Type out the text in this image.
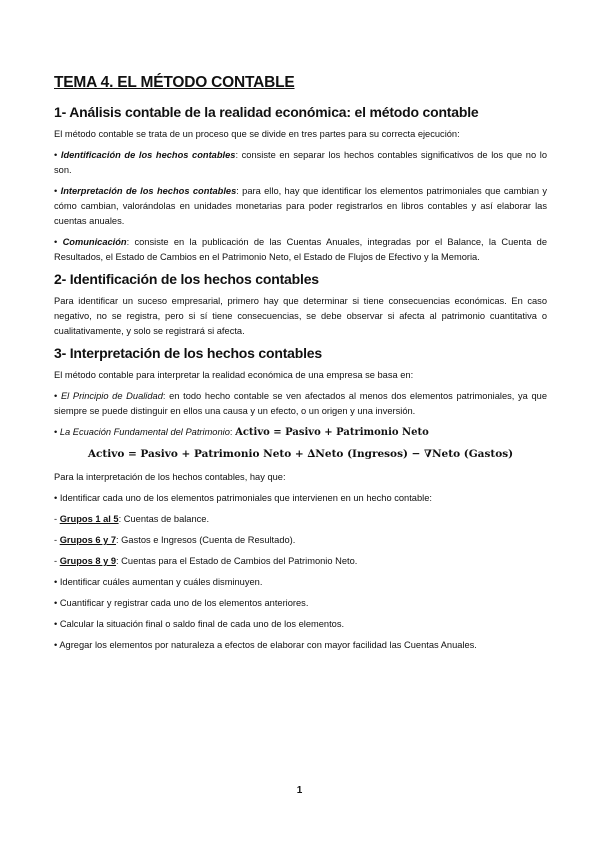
TEMA 4. EL MÉTODO CONTABLE
1- Análisis contable de la realidad económica: el método contable

El método contable se trata de un proceso que se divide en tres partes para su correcta ejecución:

• Identificación de los hechos contables: consiste en separar los hechos contables significativos de los que no lo son.

• Interpretación de los hechos contables: para ello, hay que identificar los elementos patrimoniales que cambian y cómo cambian, valorándolas en unidades monetarias para poder registrarlos en libros contables y así elaborar las cuentas anuales.

• Comunicación: consiste en la publicación de las Cuentas Anuales, integradas por el Balance, la Cuenta de Resultados, el Estado de Cambios en el Patrimonio Neto, el Estado de Flujos de Efectivo y la Memoria.

2- Identificación de los hechos contables

Para identificar un suceso empresarial, primero hay que determinar si tiene consecuencias económicas. En caso negativo, no se registra, pero si sí tiene consecuencias, se debe observar si afecta al patrimonio cuantitativa o cualitativamente, y solo se registrará si afecta.

3- Interpretación de los hechos contables

El método contable para interpretar la realidad económica de una empresa se basa en:

• El Principio de Dualidad: en todo hecho contable se ven afectados al menos dos elementos patrimoniales, ya que siempre se puede distinguir en ellos una causa y un efecto, o un origen y una inversión.

• La Ecuación Fundamental del Patrimonio: Activo = Pasivo + Patrimonio Neto

Activo = Pasivo + Patrimonio Neto + ∆Neto (Ingresos) − ∇Neto (Gastos)

Para la interpretación de los hechos contables, hay que:

• Identificar cada uno de los elementos patrimoniales que intervienen en un hecho contable:

- Grupos 1 al 5: Cuentas de balance.

- Grupos 6 y 7: Gastos e Ingresos (Cuenta de Resultado).

- Grupos 8 y 9: Cuentas para el Estado de Cambios del Patrimonio Neto.

• Identificar cuáles aumentan y cuáles disminuyen.

• Cuantificar y registrar cada uno de los elementos anteriores.

• Calcular la situación final o saldo final de cada uno de los elementos.

• Agregar los elementos por naturaleza a efectos de elaborar con mayor facilidad las Cuentas Anuales.

1
